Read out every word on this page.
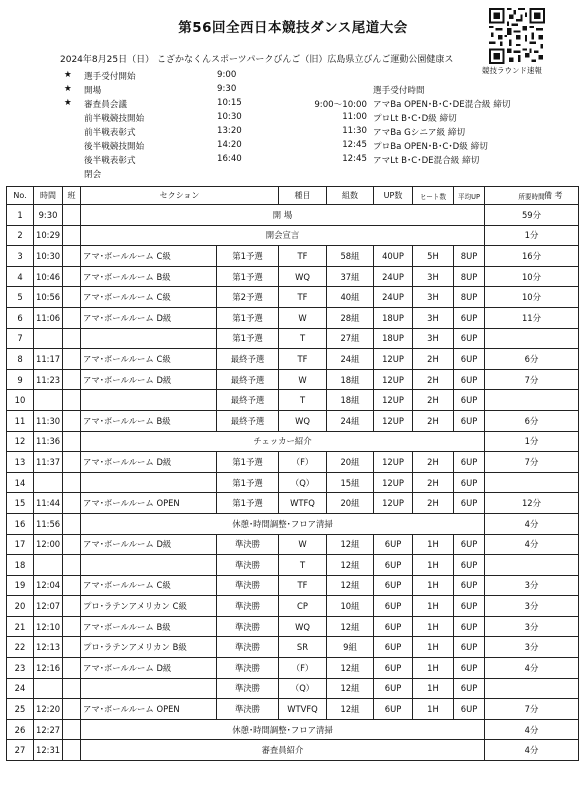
第56回全西日本競技ダンス尾道大会
2024年8月25日（日） こざかなくんスポーツパークびんご（旧）広島県立びんご運動公園健康ス
競技ラウンド速報
★	選手受付開始	9:00
★	開場	9:30
★	審査員会議	10:15
前半戦競技開始	10:30
前半戦表彰式	13:20
後半戦競技開始	14:20
後半戦表彰式	16:40
閉会
選手受付時間
9:00～10:00 アマBa OPEN･B･C･DE混合級 締切
11:00 プロLt B･C･D級 締切
11:30 アマBa Gシニア級 締切
12:45 プロBa OPEN･B･C･D級 締切
12:45 アマLt B･C･DE混合級 締切
No.	時間	班	セクション		種目	組数	UP数	ヒート数	平均UP	所要時間	
1	9:30		開 場							59分	
2	10:29		開会宣言							1分	
3	10:30		アマ･ボールルーム C級	第1予選	TF	58組	40UP	5H	8UP	16分	
4	10:46		アマ･ボールルーム B級	第1予選	WQ	37組	24UP	3H	8UP	10分	
5	10:56		アマ･ボールルーム C級	第2予選	TF	40組	24UP	3H	8UP	10分	
6	11:06		アマ･ボールルーム D級	第1予選	W	28組	18UP	3H	6UP	11分	
7				第1予選	T	27組	18UP	3H	6UP		
8	11:17		アマ･ボールルーム C級	最終予選	TF	24組	12UP	2H	6UP	6分	
9	11:23		アマ･ボールルーム D級	最終予選	W	18組	12UP	2H	6UP	7分	
10				最終予選	T	18組	12UP	2H	6UP		
11	11:30		アマ･ボールルーム B級	最終予選	WQ	24組	12UP	2H	6UP	6分	
12	11:36		チェッカー紹介							1分	
13	11:37		アマ･ボールルーム D級	第1予選	（F）	20組	12UP	2H	6UP	7分	
14				第1予選	（Q）	15組	12UP	2H	6UP		
15	11:44		アマ･ボールルーム OPEN	第1予選	WTFQ	20組	12UP	2H	6UP	12分	
16	11:56		休憩･時間調整･フロア清掃							4分	
17	12:00		アマ･ボールルーム D級	準決勝	W	12組	6UP	1H	6UP	4分	
18				準決勝	T	12組	6UP	1H	6UP		
19	12:04		アマ･ボールルーム C級	準決勝	TF	12組	6UP	1H	6UP	3分	
20	12:07		プロ･ラテンアメリカン C級	準決勝	CP	10組	6UP	1H	6UP	3分	
21	12:10		アマ･ボールルーム B級	準決勝	WQ	12組	6UP	1H	6UP	3分	
22	12:13		プロ･ラテンアメリカン B級	準決勝	SR	9組	6UP	1H	6UP	3分	
23	12:16		アマ･ボールルーム D級	準決勝	（F）	12組	6UP	1H	6UP	4分	
24				準決勝	（Q）	12組	6UP	1H	6UP		
25	12:20		アマ･ボールルーム OPEN	準決勝	WTVFQ	12組	6UP	1H	6UP	7分	
26	12:27		休憩･時間調整･フロア清掃							4分	
27	12:31		審査員紹介							4分	
備 考
